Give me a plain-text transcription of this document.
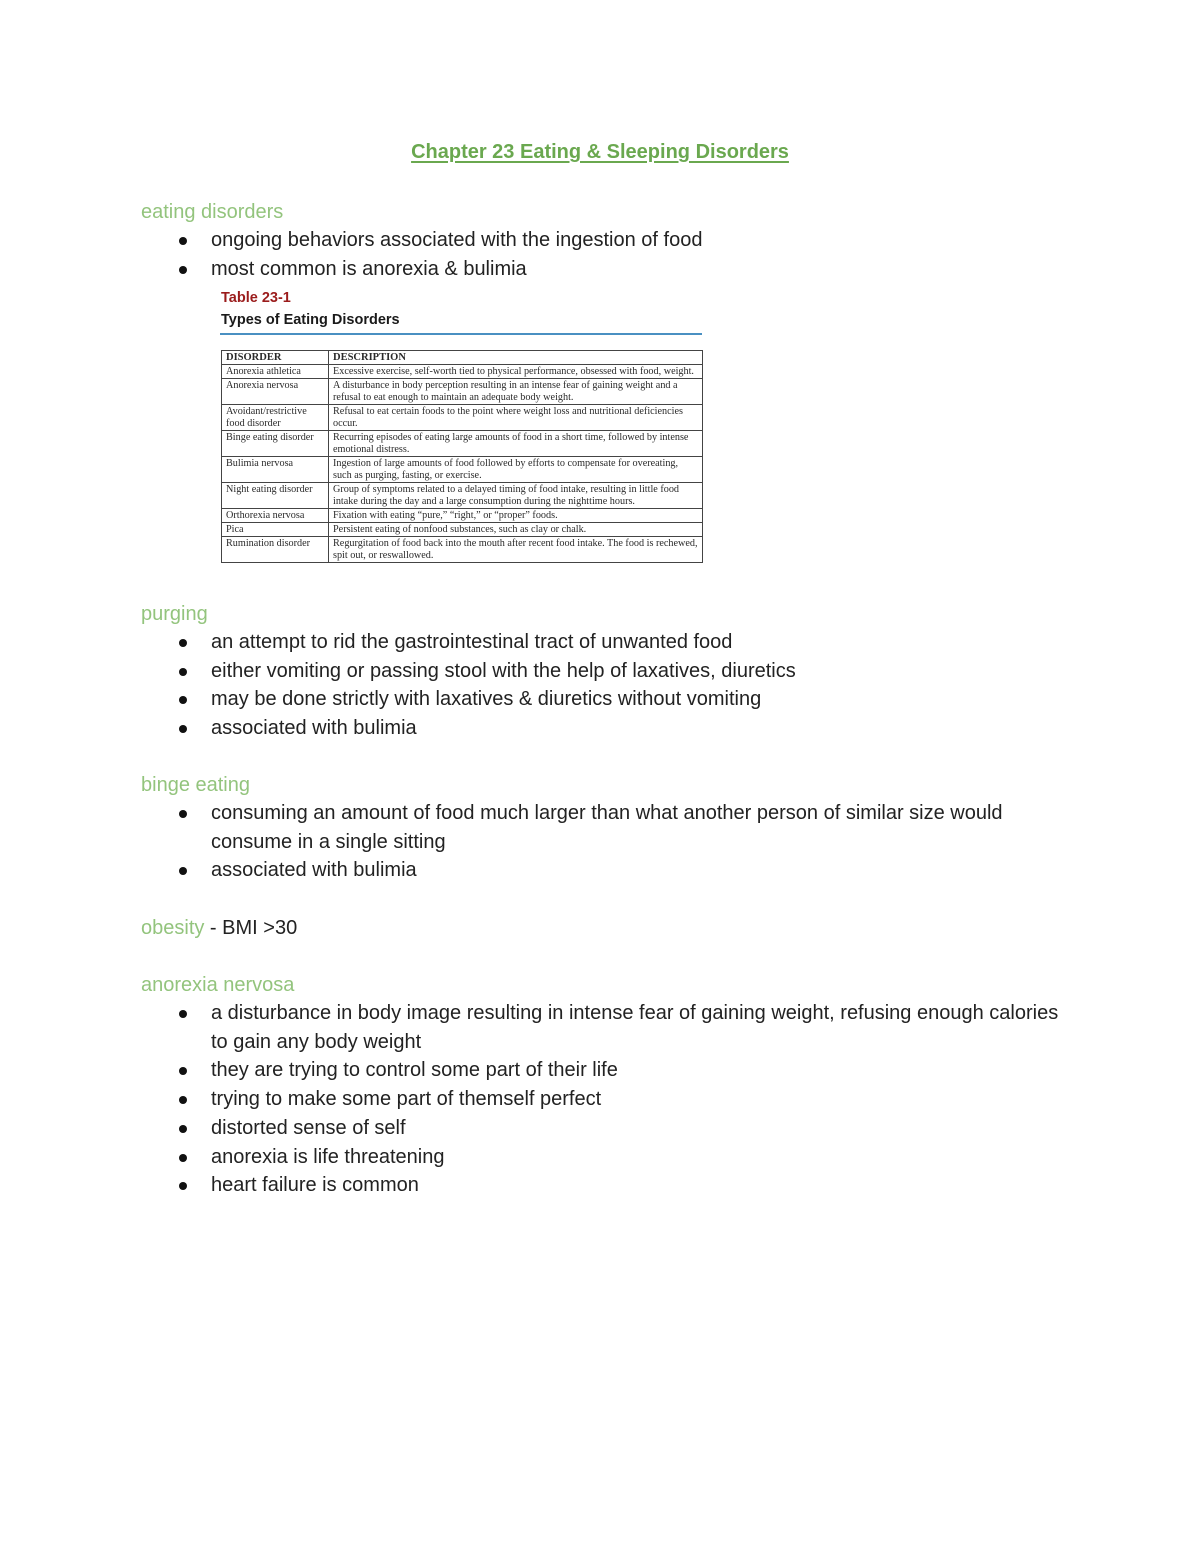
Chapter 23 Eating & Sleeping Disorders
eating disorders
ongoing behaviors associated with the ingestion of food
most common is anorexia & bulimia
Table 23-1
Types of Eating Disorders
DISORDER	DESCRIPTION
Anorexia athletica	Excessive exercise, self-worth tied to physical performance, obsessed with food, weight.
Anorexia nervosa	A disturbance in body perception resulting in an intense fear of gaining weight and a refusal to eat enough to maintain an adequate body weight.
Avoidant/restrictive food disorder	Refusal to eat certain foods to the point where weight loss and nutritional deficiencies occur.
Binge eating disorder	Recurring episodes of eating large amounts of food in a short time, followed by intense emotional distress.
Bulimia nervosa	Ingestion of large amounts of food followed by efforts to compensate for overeating, such as purging, fasting, or exercise.
Night eating disorder	Group of symptoms related to a delayed timing of food intake, resulting in little food intake during the day and a large consumption during the nighttime hours.
Orthorexia nervosa	Fixation with eating “pure,” “right,” or “proper” foods.
Pica	Persistent eating of nonfood substances, such as clay or chalk.
Rumination disorder	Regurgitation of food back into the mouth after recent food intake. The food is rechewed, spit out, or reswallowed.
purging
an attempt to rid the gastrointestinal tract of unwanted food
either vomiting or passing stool with the help of laxatives, diuretics
may be done strictly with laxatives & diuretics without vomiting
associated with bulimia
binge eating
consuming an amount of food much larger than what another person of similar size would consume in a single sitting
associated with bulimia
obesity - BMI >30
anorexia nervosa
a disturbance in body image resulting in intense fear of gaining weight, refusing enough calories to gain any body weight
they are trying to control some part of their life
trying to make some part of themself perfect
distorted sense of self
anorexia is life threatening
heart failure is common
